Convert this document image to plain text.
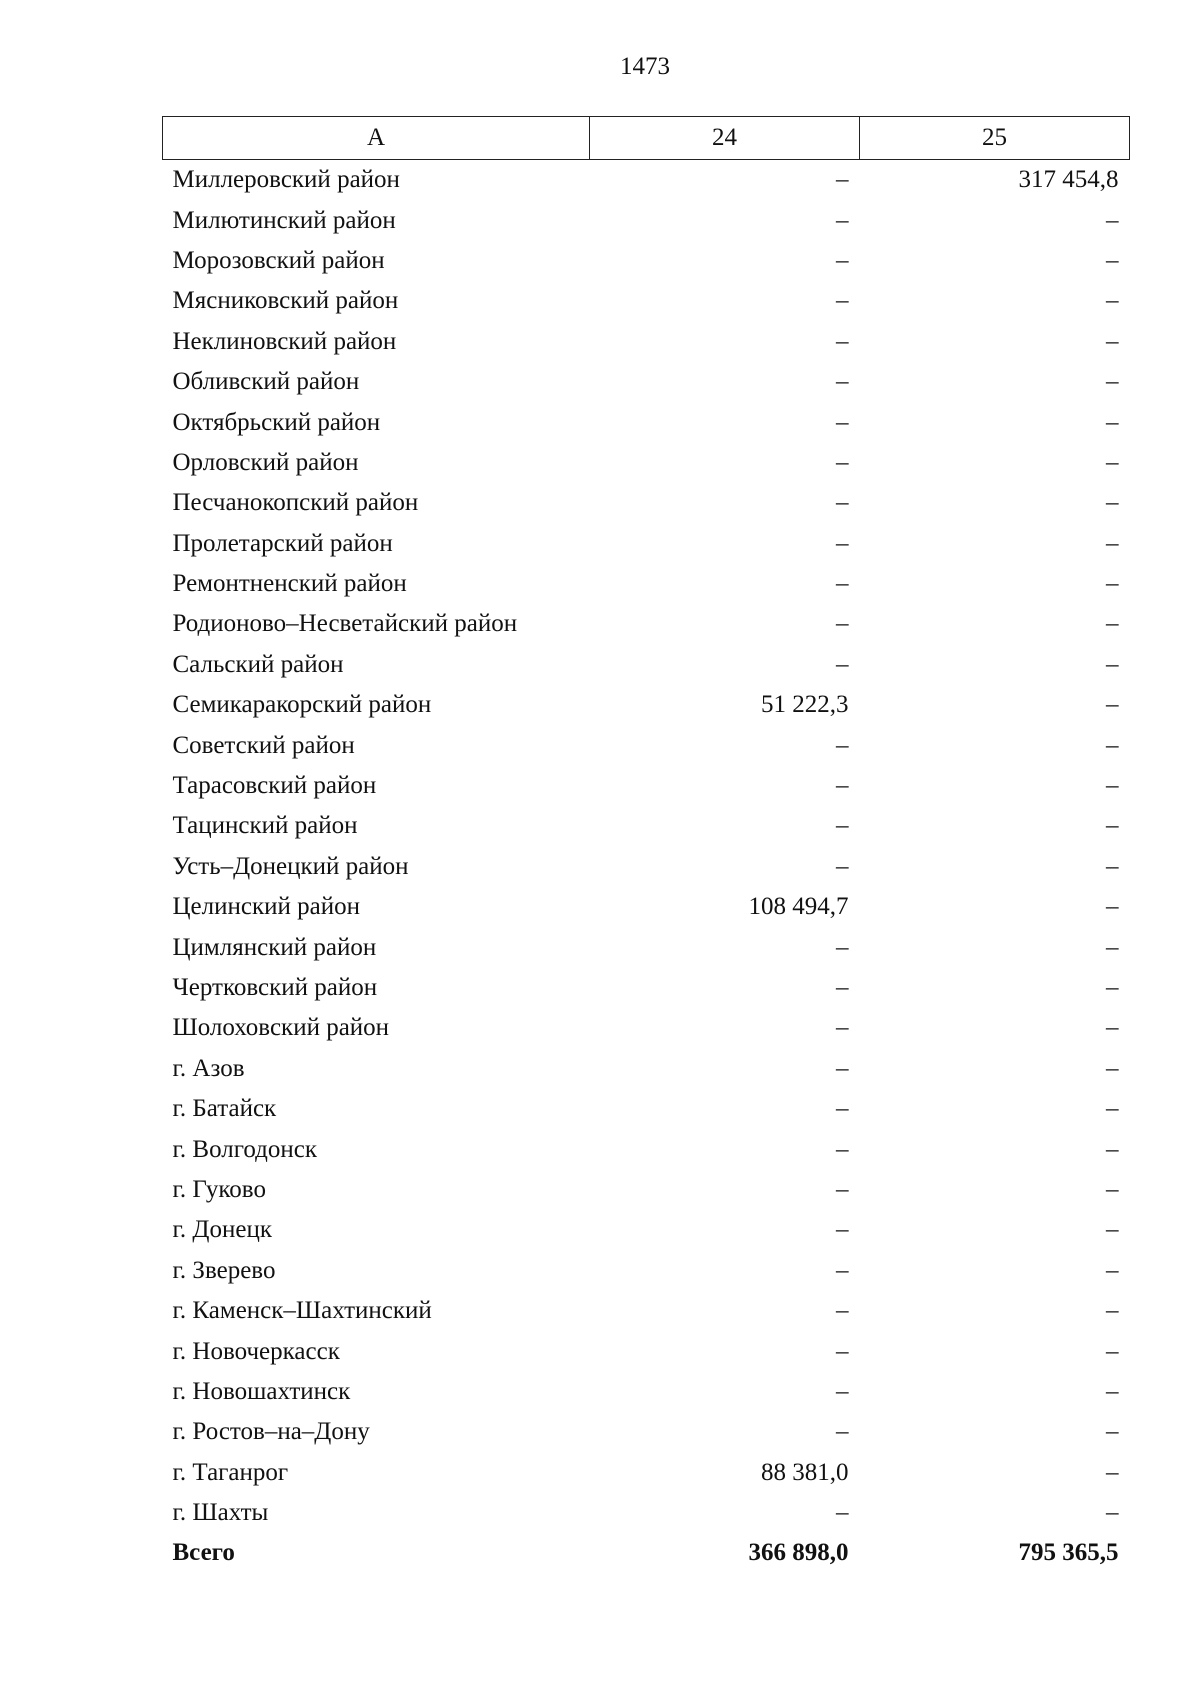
1473
А	24	25
Миллеровский район	–	317 454,8
Милютинский район	–	–
Морозовский район	–	–
Мясниковский район	–	–
Неклиновский район	–	–
Обливский район	–	–
Октябрьский район	–	–
Орловский район	–	–
Песчанокопский район	–	–
Пролетарский район	–	–
Ремонтненский район	–	–
Родионово–Несветайский район	–	–
Сальский район	–	–
Семикаракорский район	51 222,3	–
Советский район	–	–
Тарасовский район	–	–
Тацинский район	–	–
Усть–Донецкий район	–	–
Целинский район	108 494,7	–
Цимлянский район	–	–
Чертковский район	–	–
Шолоховский район	–	–
г. Азов	–	–
г. Батайск	–	–
г. Волгодонск	–	–
г. Гуково	–	–
г. Донецк	–	–
г. Зверево	–	–
г. Каменск–Шахтинский	–	–
г. Новочеркасск	–	–
г. Новошахтинск	–	–
г. Ростов–на–Дону	–	–
г. Таганрог	88 381,0	–
г. Шахты	–	–
Всего	366 898,0	795 365,5
